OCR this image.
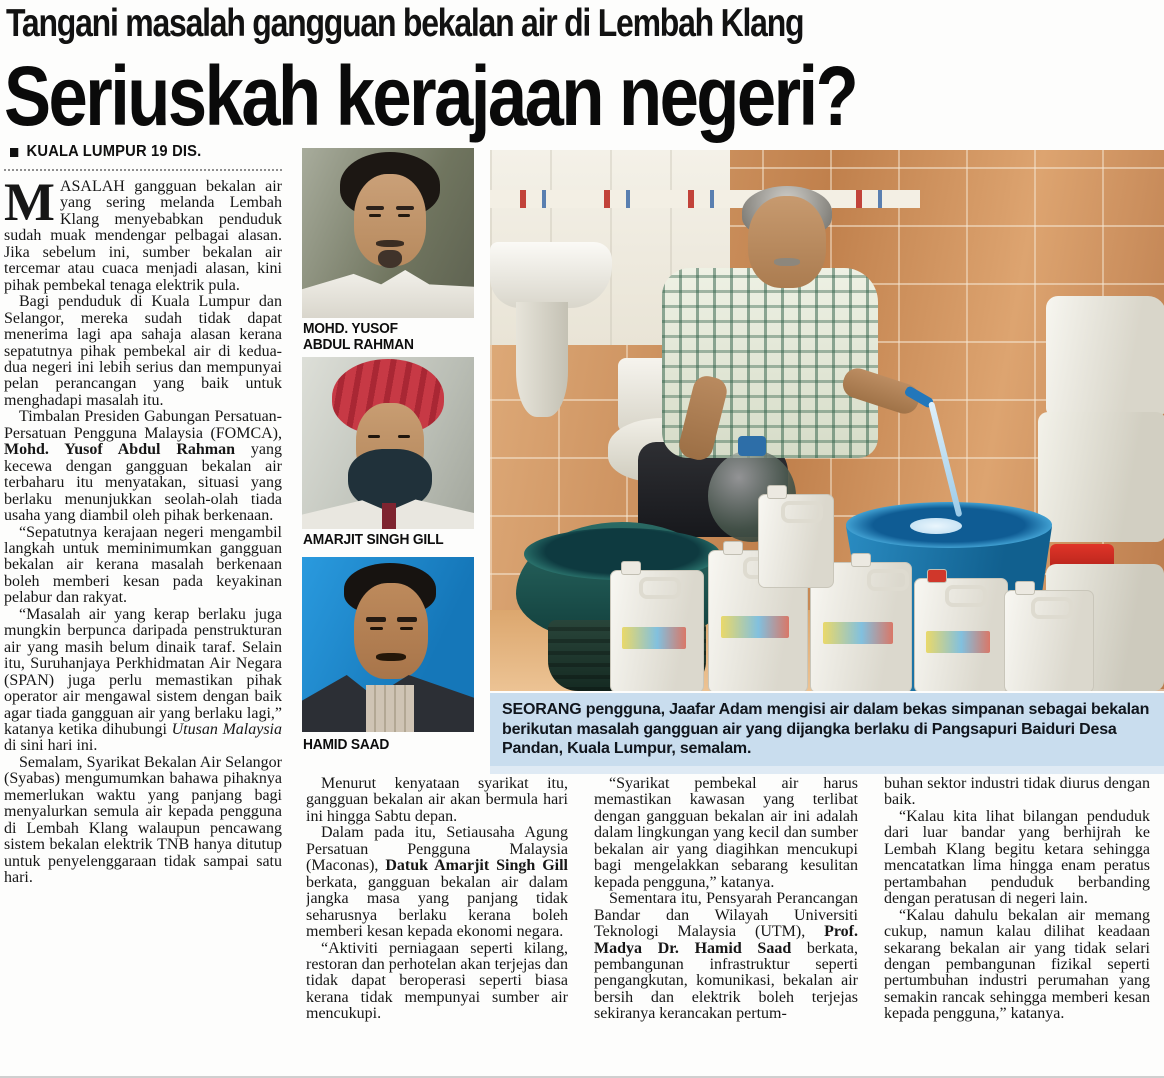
Tangani masalah gangguan bekalan air di Lembah Klang
Seriuskah kerajaan negeri?
KUALA LUMPUR 19 DIS.

MASALAH gangguan bekalan air yang sering melanda Lembah Klang menyebabkan penduduk sudah muak mendengar pelbagai alasan. Jika sebelum ini, sumber bekalan air tercemar atau cuaca menjadi alasan, kini pihak pembekal tenaga elektrik pula.

Bagi penduduk di Kuala Lumpur dan Selangor, mereka sudah tidak dapat menerima lagi apa sahaja alasan kerana sepatutnya pihak pembekal air di kedua-dua negeri ini lebih serius dan mempunyai pelan perancangan yang baik untuk menghadapi masalah itu.

Timbalan Presiden Gabungan Persatuan-Persatuan Pengguna Malaysia (FOMCA), Mohd. Yusof Abdul Rahman yang kecewa dengan gangguan bekalan air terbaharu itu menyatakan, situasi yang berlaku menunjukkan seolah-olah tiada usaha yang diambil oleh pihak berkenaan.

“Sepatutnya kerajaan negeri mengambil langkah untuk meminimumkan gangguan bekalan air kerana masalah berkenaan boleh memberi kesan pada keyakinan pelabur dan rakyat.

“Masalah air yang kerap berlaku juga mungkin berpunca daripada penstrukturan air yang masih belum dinaik taraf. Selain itu, Suruhanjaya Perkhidmatan Air Negara (SPAN) juga perlu memastikan pihak operator air mengawal sistem dengan baik agar tiada gangguan air yang berlaku lagi,” katanya ketika dihubungi Utusan Malaysia di sini hari ini.

Semalam, Syarikat Bekalan Air Selangor (Syabas) mengumumkan bahawa pihaknya memerlukan waktu yang panjang bagi menyalurkan semula air kepada pengguna di Lembah Klang walaupun pencawang sistem bekalan elektrik TNB hanya ditutup untuk penyelenggaraan tidak sampai satu hari.

Menurut kenyataan syarikat itu, gangguan bekalan air akan bermula hari ini hingga Sabtu depan.

Dalam pada itu, Setiausaha Agung Persatuan Pengguna Malaysia (Maconas), Datuk Amarjit Singh Gill berkata, gangguan bekalan air dalam jangka masa yang panjang tidak seharusnya berlaku kerana boleh memberi kesan kepada ekonomi negara.

“Aktiviti perniagaan seperti kilang, restoran dan perhotelan akan terjejas dan tidak dapat beroperasi seperti biasa kerana tidak mempunyai sumber air mencukupi.

“Syarikat pembekal air harus memastikan kawasan yang terlibat dengan gangguan bekalan air ini adalah dalam lingkungan yang kecil dan sumber bekalan air yang diagihkan mencukupi bagi mengelakkan sebarang kesulitan kepada pengguna,” katanya.

Sementara itu, Pensyarah Perancangan Bandar dan Wilayah Universiti Teknologi Malaysia (UTM), Prof. Madya Dr. Hamid Saad berkata, pembangunan infrastruktur seperti pengangkutan, komunikasi, bekalan air bersih dan elektrik boleh terjejas sekiranya kerancakan pertum-

buhan sektor industri tidak diurus dengan baik.

“Kalau kita lihat bilangan penduduk dari luar bandar yang berhijrah ke Lembah Klang begitu ketara sehingga mencatatkan lima hingga enam peratus pertambahan penduduk berbanding dengan peratusan di negeri lain.

“Kalau dahulu bekalan air memang cukup, namun kalau dilihat keadaan sekarang bekalan air yang tidak selari dengan pembangunan fizikal seperti pertumbuhan industri perumahan yang semakin rancak sehingga memberi kesan kepada pengguna,” katanya.

MOHD. YUSOF
ABDUL RAHMAN
AMARJIT SINGH GILL
HAMID SAAD
SEORANG pengguna, Jaafar Adam mengisi air dalam bekas simpanan sebagai bekalan berikutan masalah gangguan air yang dijangka berlaku di Pangsapuri Baiduri Desa Pandan, Kuala Lumpur, semalam.
